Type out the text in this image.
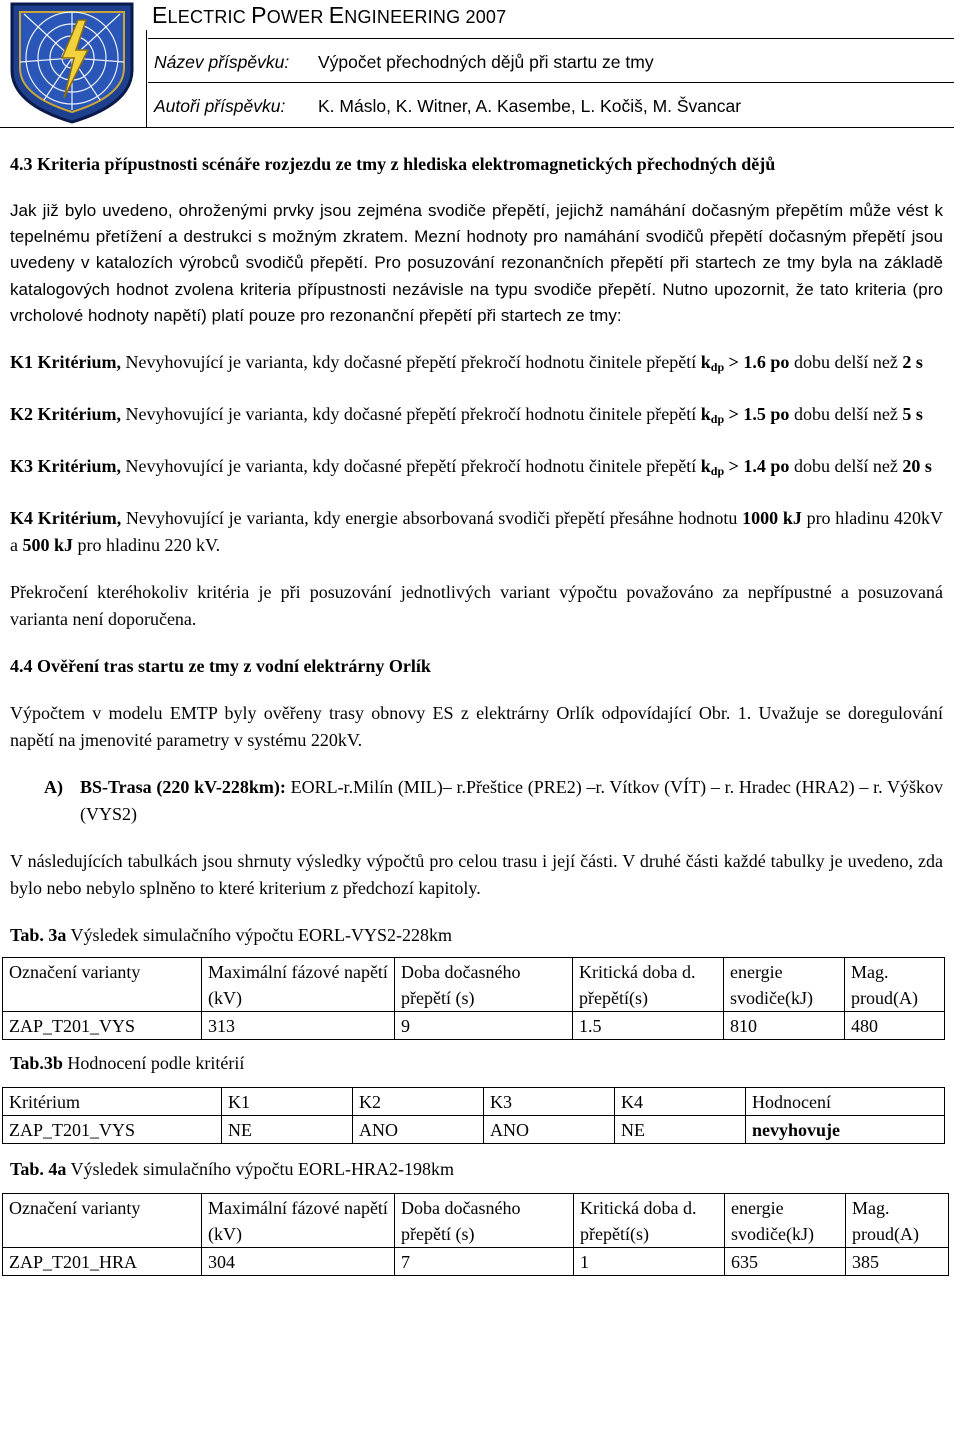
ELECTRIC POWER ENGINEERING 2007
Název příspěvku: Výpočet přechodných dějů při startu ze tmy
Autoři příspěvku: K. Máslo, K. Witner, A. Kasembe, L. Kočiš, M. Švancar

4.3 Kriteria přípustnosti scénáře rozjezdu ze tmy z hlediska elektromagnetických přechodných dějů

Jak již bylo uvedeno, ohroženými prvky jsou zejména svodiče přepětí, jejichž namáhání dočasným přepětím může vést k tepelnému přetížení a destrukci s možným zkratem. Mezní hodnoty pro namáhání svodičů přepětí dočasným přepětí jsou uvedeny v katalozích výrobců svodičů přepětí. Pro posuzování rezonančních přepětí při startech ze tmy byla na základě katalogových hodnot zvolena kriteria přípustnosti nezávisle na typu svodiče přepětí. Nutno upozornit, že tato kriteria (pro vrcholové hodnoty napětí) platí pouze pro rezonanční přepětí při startech ze tmy:

K1 Kritérium, Nevyhovující je varianta, kdy dočasné přepětí překročí hodnotu činitele přepětí $k_{dp} > 1.6$ po dobu delší než 2 s

K2 Kritérium, Nevyhovující je varianta, kdy dočasné přepětí překročí hodnotu činitele přepětí $k_{dp} > 1.5$ po dobu delší než 5 s

K3 Kritérium, Nevyhovující je varianta, kdy dočasné přepětí překročí hodnotu činitele přepětí $k_{dp} > 1.4$ po dobu delší než 20 s

K4 Kritérium, Nevyhovující je varianta, kdy energie absorbovaná svodiči přepětí přesáhne hodnotu 1000 kJ pro hladinu 420kV a 500 kJ pro hladinu 220 kV.

Překročení kteréhokoliv kritéria je při posuzování jednotlivých variant výpočtu považováno za nepřípustné a posuzovaná varianta není doporučena.

4.4 Ověření tras startu ze tmy z vodní elektrárny Orlík

Výpočtem v modelu EMTP byly ověřeny trasy obnovy ES z elektrárny Orlík odpovídající Obr. 1. Uvažuje se doregulování napětí na jmenovité parametry v systému 220kV.

A) BS-Trasa (220 kV-228km): EORL-r.Milín (MIL)– r.Přeštice (PRE2) –r. Vítkov (VÍT) – r. Hradec (HRA2) – r. Výškov (VYS2)

V následujících tabulkách jsou shrnuty výsledky výpočtů pro celou trasu i její části. V druhé části každé tabulky je uvedeno, zda bylo nebo nebylo splněno to které kriterium z předchozí kapitoly.

Tab. 3a Výsledek simulačního výpočtu EORL-VYS2-228km

Označení varianty	Maximální fázové napětí (kV)	Doba dočasného přepětí (s)	Kritická doba d. přepětí(s)	energie svodiče(kJ)	Mag. proud(A)
ZAP_T201_VYS	313	9	1.5	810	480

Tab.3b Hodnocení podle kritérií

Kritérium	K1	K2	K3	K4	Hodnocení
ZAP_T201_VYS	NE	ANO	ANO	NE	nevyhovuje

Tab. 4a Výsledek simulačního výpočtu EORL-HRA2-198km

Označení varianty	Maximální fázové napětí (kV)	Doba dočasného přepětí (s)	Kritická doba d. přepětí(s)	energie svodiče(kJ)	Mag. proud(A)
ZAP_T201_HRA	304	7	1	635	385
